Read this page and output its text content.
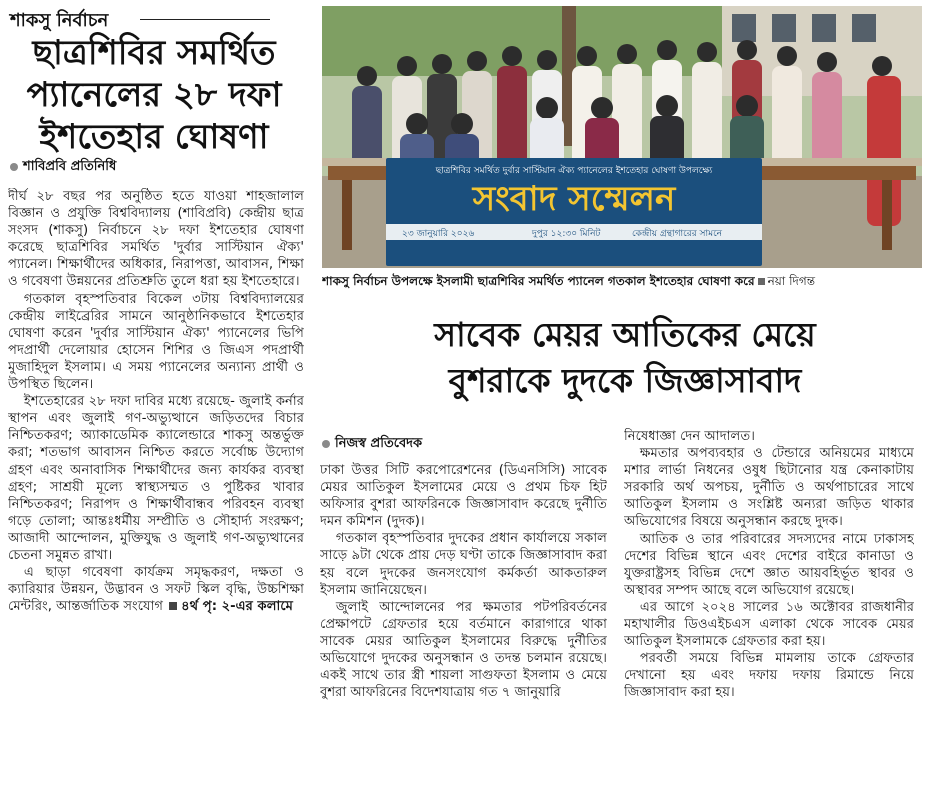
শাকসু নির্বাচন
ছাত্রশিবির সমর্থিত
প্যানেলের ২৮ দফা
ইশতেহার ঘোষণা
শাবিপ্রবি প্রতিনিধি

দীর্ঘ ২৮ বছর পর অনুষ্ঠিত হতে যাওয়া শাহজালাল বিজ্ঞান ও প্রযুক্তি বিশ্ববিদ্যালয় (শাবিপ্রবি) কেন্দ্রীয় ছাত্র সংসদ (শাকসু) নির্বাচনে ২৮ দফা ইশতেহার ঘোষণা করেছে ছাত্রশিবির সমর্থিত 'দুর্বার সাস্টিয়ান ঐক্য' প্যানেল। শিক্ষার্থীদের অধিকার, নিরাপত্তা, আবাসন, শিক্ষা ও গবেষণা উন্নয়নের প্রতিশ্রুতি তুলে ধরা হয় ইশতেহারে।

গতকাল বৃহস্পতিবার বিকেল ৩টায় বিশ্ববিদ্যালয়ের কেন্দ্রীয় লাইব্রেরির সামনে আনুষ্ঠানিকভাবে ইশতেহার ঘোষণা করেন 'দুর্বার সাস্টিয়ান ঐক্য' প্যানেলের ভিপি পদপ্রার্থী দেলোয়ার হোসেন শিশির ও জিএস পদপ্রার্থী মুজাহিদুল ইসলাম। এ সময় প্যানেলের অন্যান্য প্রার্থী ও উপস্থিত ছিলেন।

ইশতেহারের ২৮ দফা দাবির মধ্যে রয়েছে- জুলাই কর্নার স্থাপন এবং জুলাই গণ-অভ্যুত্থানে জড়িতদের বিচার নিশ্চিতকরণ; অ্যাকাডেমিক ক্যালেন্ডারে শাকসু অন্তর্ভুক্ত করা; শতভাগ আবাসন নিশ্চিত করতে সর্বোচ্চ উদ্যোগ গ্রহণ এবং অনাবাসিক শিক্ষার্থীদের জন্য কার্যকর ব্যবস্থা গ্রহণ; সাশ্রয়ী মূল্যে স্বাস্থ্যসম্মত ও পুষ্টিকর খাবার নিশ্চিতকরণ; নিরাপদ ও শিক্ষার্থীবান্ধব পরিবহন ব্যবস্থা গড়ে তোলা; আন্তঃধর্মীয় সম্প্রীতি ও সৌহার্দ্য সংরক্ষণ; আজাদী আন্দোলন, মুক্তিযুদ্ধ ও জুলাই গণ-অভ্যুত্থানের চেতনা সমুন্নত রাখা।

এ ছাড়া গবেষণা কার্যক্রম সমৃদ্ধকরণ, দক্ষতা ও ক্যারিয়ার উন্নয়ন, উদ্ভাবন ও সফট স্কিল বৃদ্ধি, উচ্চশিক্ষা মেন্টরিং, আন্তর্জাতিক সংযোগ ৪র্থ পৃ: ২-এর কলামে

ছাত্রশিবির সমর্থিত দুর্বার সাস্টিয়ান ঐক্য প্যানেলের ইশতেহার ঘোষণা উপলক্ষ্যে
সংবাদ সম্মেলন
২৩ জানুয়ারি ২০২৬	দুপুর ১২:৩০ মিনিট	কেন্দ্রীয় গ্রন্থাগারের সামনে
শাকসু নির্বাচন উপলক্ষে ইসলামী ছাত্রশিবির সমর্থিত প্যানেল গতকাল ইশতেহার ঘোষণা করে নয়া দিগন্ত
সাবেক মেয়র আতিকের মেয়ে
বুশরাকে দুদকে জিজ্ঞাসাবাদ
নিজস্ব প্রতিবেদক

ঢাকা উত্তর সিটি করপোরেশনের (ডিএনসিসি) সাবেক মেয়র আতিকুল ইসলামের মেয়ে ও প্রথম চিফ হিট অফিসার বুশরা আফরিনকে জিজ্ঞাসাবাদ করেছে দুর্নীতি দমন কমিশন (দুদক)।

গতকাল বৃহস্পতিবার দুদকের প্রধান কার্যালয়ে সকাল সাড়ে ৯টা থেকে প্রায় দেড় ঘণ্টা তাকে জিজ্ঞাসাবাদ করা হয় বলে দুদকের জনসংযোগ কর্মকর্তা আকতারুল ইসলাম জানিয়েছেন।

জুলাই আন্দোলনের পর ক্ষমতার পটপরিবর্তনের প্রেক্ষাপটে গ্রেফতার হয়ে বর্তমানে কারাগারে থাকা সাবেক মেয়র আতিকুল ইসলামের বিরুদ্ধে দুর্নীতির অভিযোগে দুদকের অনুসন্ধান ও তদন্ত চলমান রয়েছে। একই সাথে তার স্ত্রী শায়লা সাগুফতা ইসলাম ও মেয়ে বুশরা আফরিনের বিদেশযাত্রায় গত ৭ জানুয়ারি

নিষেধাজ্ঞা দেন আদালত।

ক্ষমতার অপব্যবহার ও টেন্ডারে অনিয়মের মাধ্যমে মশার লার্ভা নিধনের ওষুধ ছিটানোর যন্ত্র কেনাকাটায় সরকারি অর্থ অপচয়, দুর্নীতি ও অর্থপাচারের সাথে আতিকুল ইসলাম ও সংশ্লিষ্ট অন্যরা জড়িত থাকার অভিযোগের বিষয়ে অনুসন্ধান করছে দুদক।

আতিক ও তার পরিবারের সদস্যদের নামে ঢাকাসহ দেশের বিভিন্ন স্থানে এবং দেশের বাইরে কানাডা ও যুক্তরাষ্ট্রসহ বিভিন্ন দেশে জ্ঞাত আয়বহির্ভূত স্থাবর ও অস্থাবর সম্পদ আছে বলে অভিযোগ রয়েছে।

এর আগে ২০২৪ সালের ১৬ অক্টোবর রাজধানীর মহাখালীর ডিওএইচএস এলাকা থেকে সাবেক মেয়র আতিকুল ইসলামকে গ্রেফতার করা হয়।

পরবর্তী সময়ে বিভিন্ন মামলায় তাকে গ্রেফতার দেখানো হয় এবং দফায় দফায় রিমান্ডে নিয়ে জিজ্ঞাসাবাদ করা হয়।
